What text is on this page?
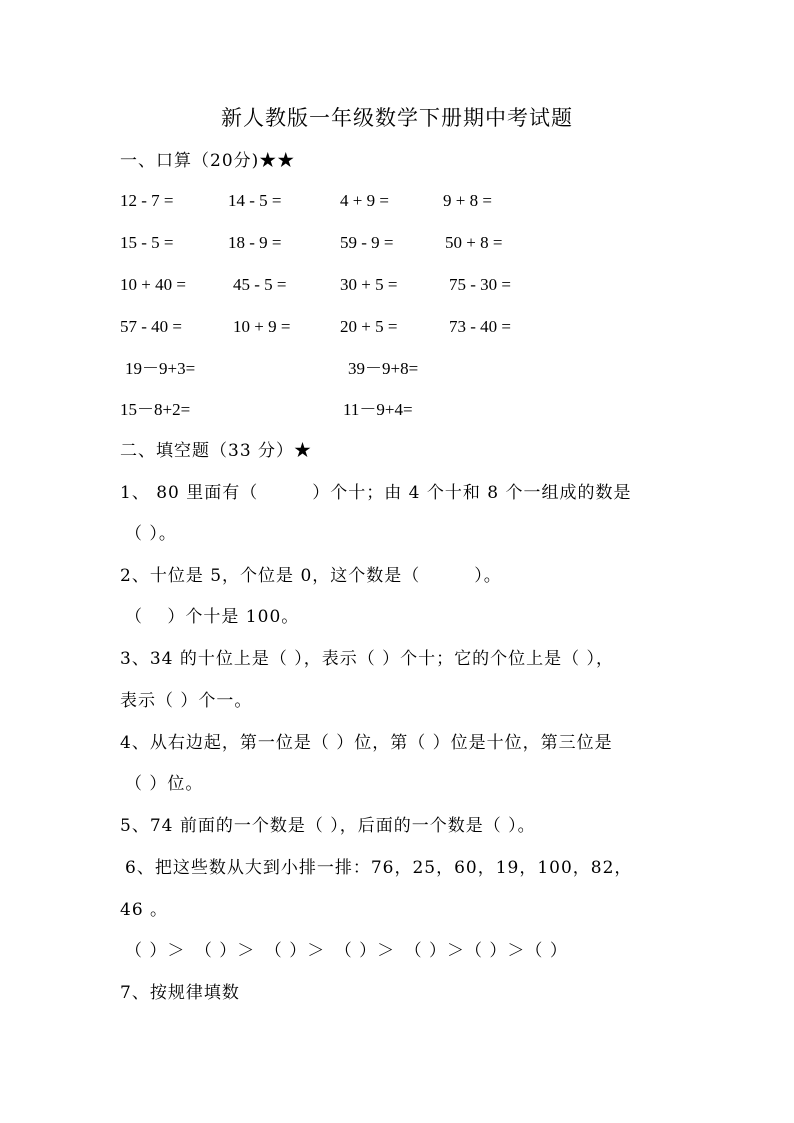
新人教版一年级数学下册期中考试题
一、口算（20分)★★
12 - 7 =	14 - 5 =	4 + 9 =	9 + 8 =
15 - 5 =	18 - 9 =	59 - 9 =	50 + 8 =
10 + 40 =	45 - 5 =	30 + 5 =	75 - 30 =
57 - 40 =	10 + 9 =	20 + 5 =	73 - 40 =
19－9+3=	39－9+8=
15－8+2=	11－9+4=
二、填空题（33 分）★
1、 80 里面有（　　　）个十；由 4 个十和 8 个一组成的数是
（ ）。
2、十位是 5，个位是 0，这个数是（　　　）。
（　 ）个十是 100。
3、34 的十位上是（ ），表示（ ）个十；它的个位上是（ ），
表示（ ）个一。
4、从右边起，第一位是（ ）位，第（ ）位是十位，第三位是
（ ）位。
5、74 前面的一个数是（ ），后面的一个数是（ ）。
6、把这些数从大到小排一排：76，25，60，19，100，82，
46 。
（ ）＞　（ ）＞　（ ）＞　（ ）＞　（ ）＞（ ）＞（ ）
7、按规律填数
